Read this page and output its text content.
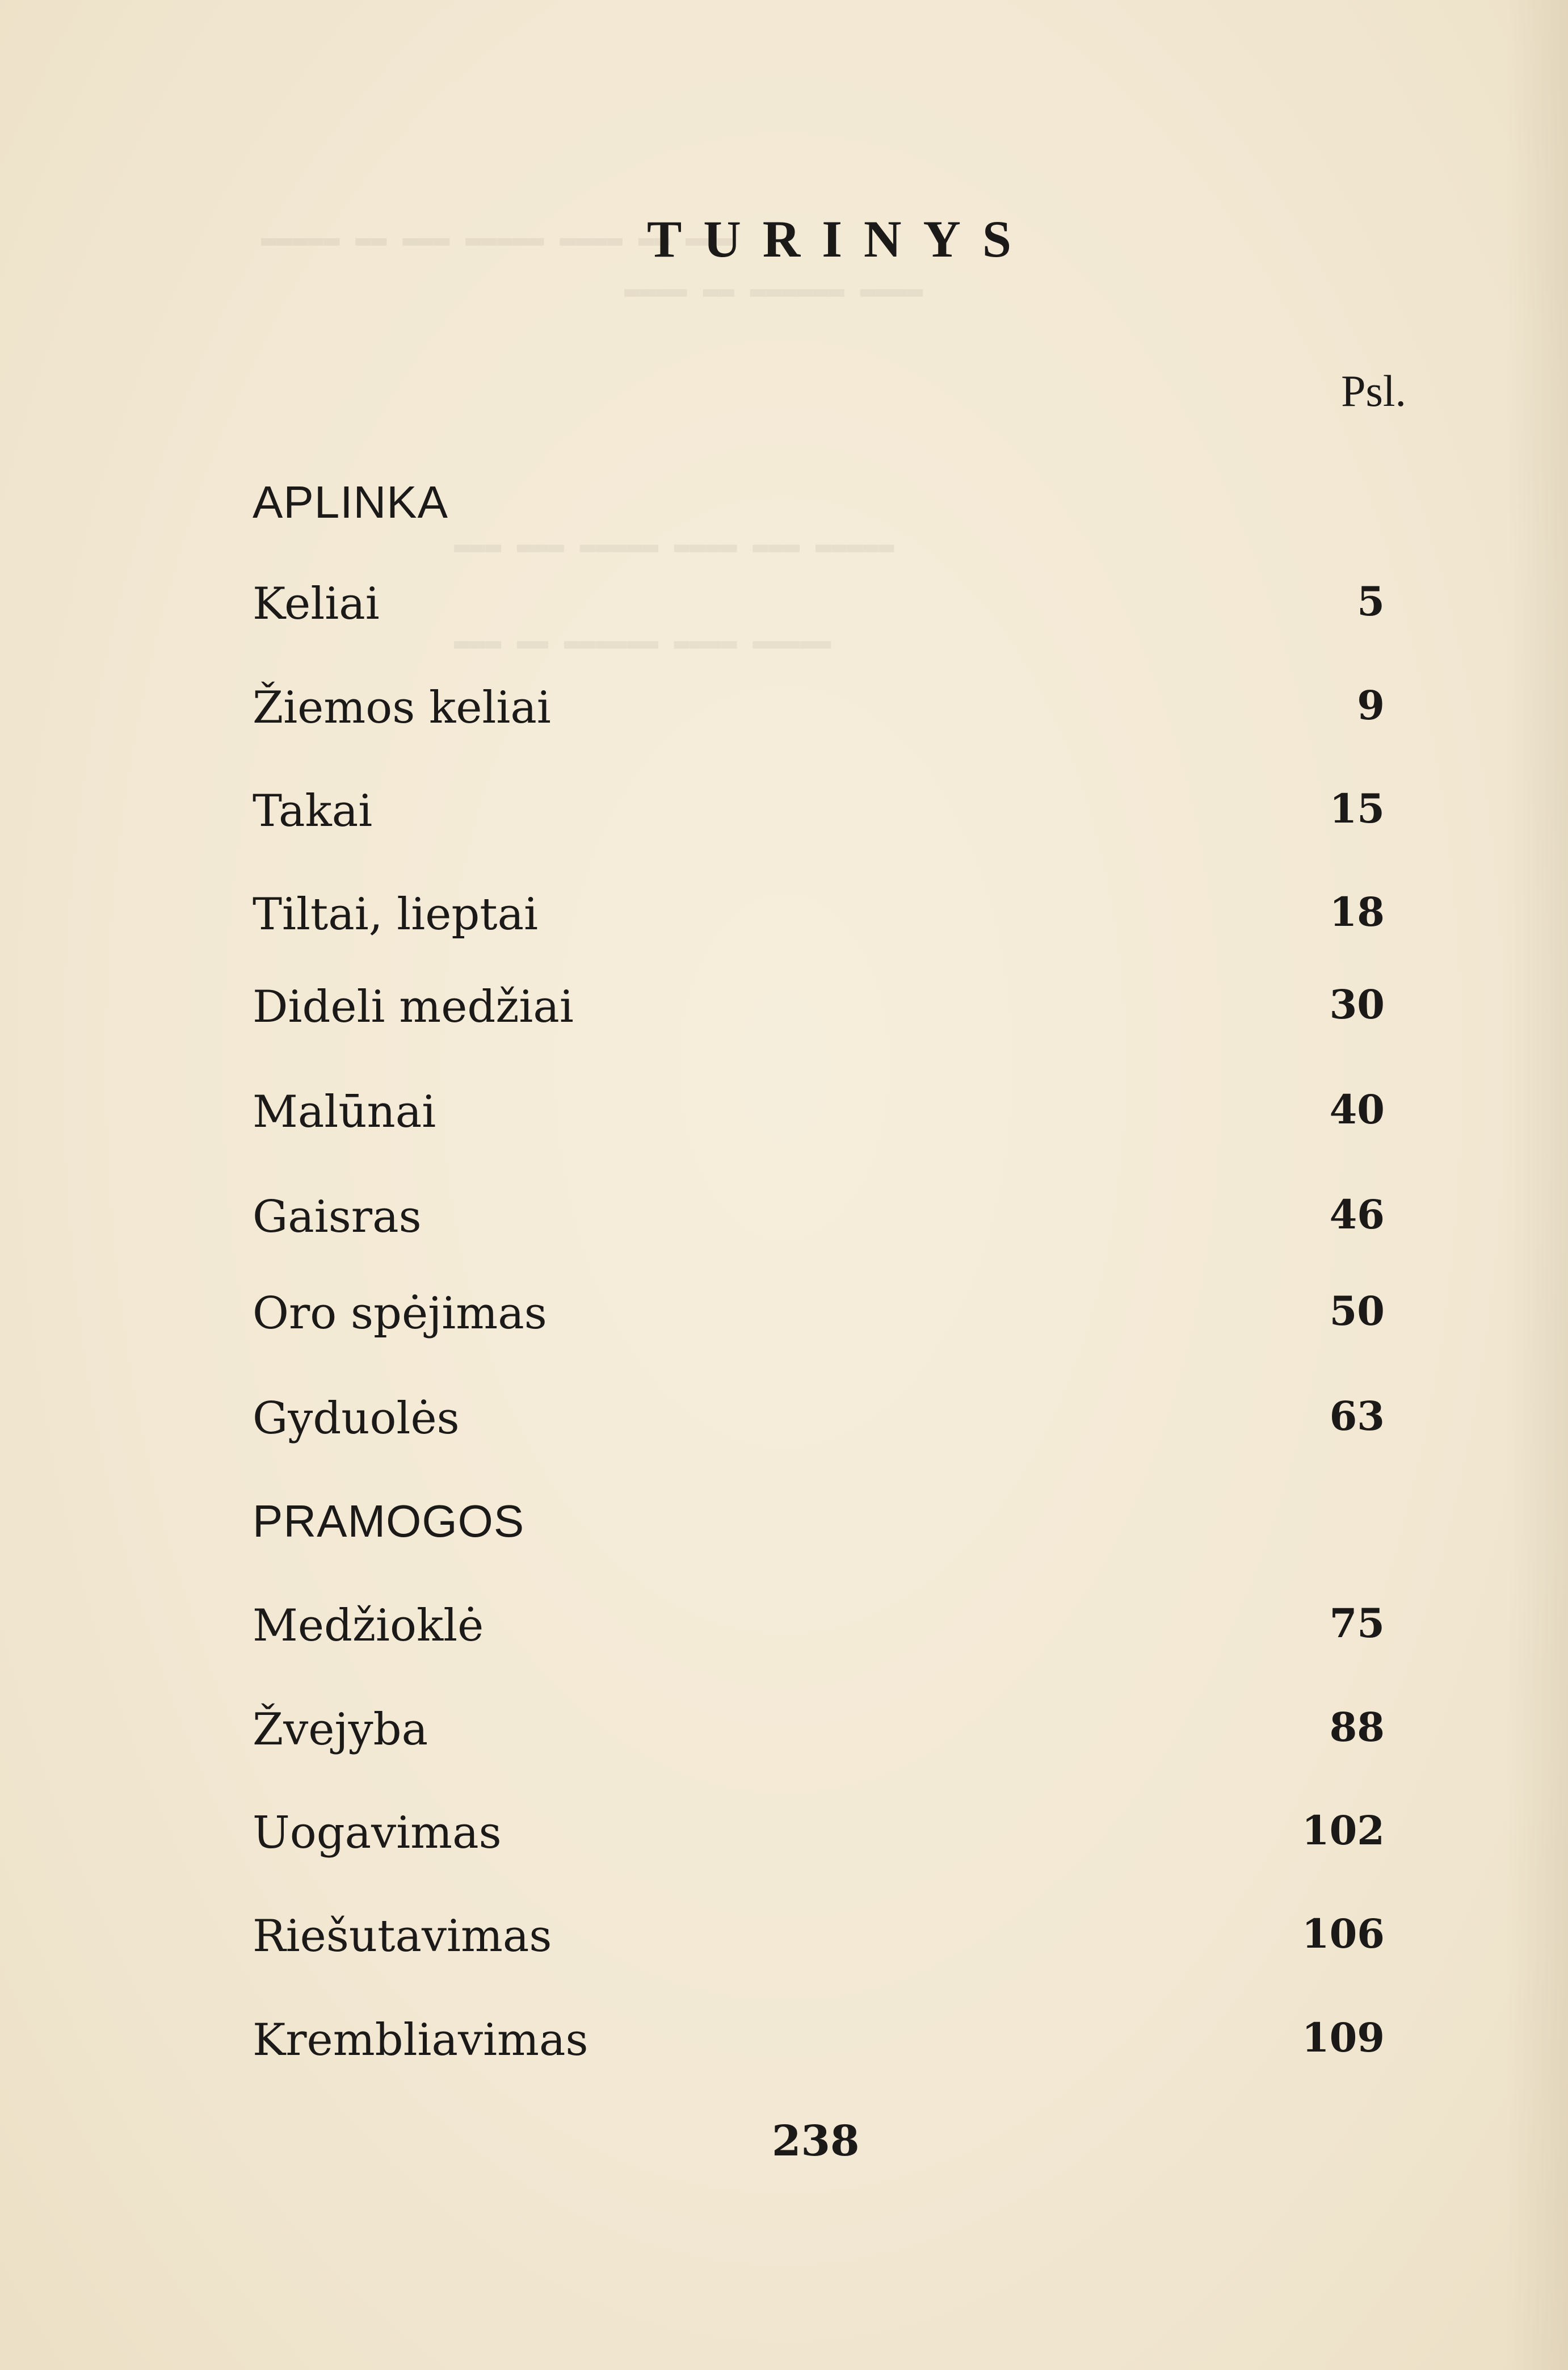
▬▬▬ ▬▬ ▬▬▬▬ ▬▬▬▬▬ ▬▬▬ ▬▬ ▬▬▬▬▬
▬▬▬▬ ▬▬▬▬▬▬ ▬▬ ▬▬▬▬
▬▬▬▬▬ ▬▬▬ ▬▬▬▬ ▬▬▬▬▬ ▬▬▬ ▬▬▬
▬▬▬▬▬ ▬▬▬▬ ▬▬▬▬▬▬ ▬▬ ▬▬▬
TURINYS
Psl.
APLINKA
Keliai	5
Žiemos keliai	9
Takai	15
Tiltai, lieptai	18
Dideli medžiai	30
Malūnai	40
Gaisras	46
Oro spėjimas	50
Gyduolės	63
PRAMOGOS
Medžioklė	75
Žvejyba	88
Uogavimas	102
Riešutavimas	106
Krembliavimas	109
238
